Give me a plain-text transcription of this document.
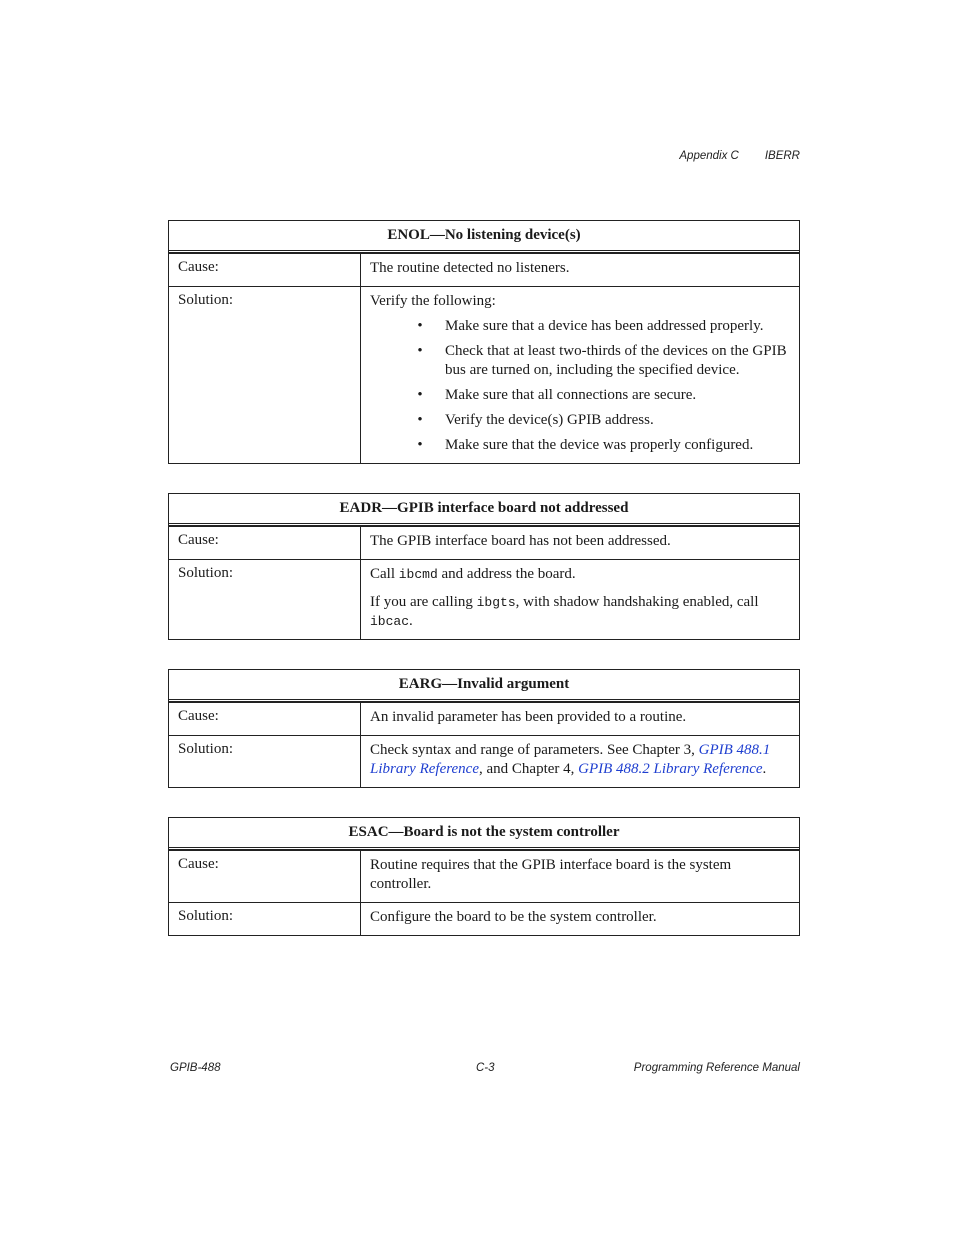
Appendix C IBERR
ENOL—No listening device(s)
Cause:	The routine detected no listeners.
Solution:	Verify the following:

•	Make sure that a device has been addressed properly.
•	Check that at least two-thirds of the devices on the GPIB bus are turned on, including the specified device.
•	Make sure that all connections are secure.
•	Verify the device(s) GPIB address.
•	Make sure that the device was properly configured.
EADR—GPIB interface board not addressed
Cause:	The GPIB interface board has not been addressed.
Solution:	Call ibcmd and address the board.

If you are calling ibgts, with shadow handshaking enabled, call ibcac.

EARG—Invalid argument
Cause:	An invalid parameter has been provided to a routine.
Solution:	Check syntax and range of parameters. See Chapter 3, GPIB 488.1 Library Reference, and Chapter 4, GPIB 488.2 Library Reference.

ESAC—Board is not the system controller
Cause:	Routine requires that the GPIB interface board is the system controller.
Solution:	Configure the board to be the system controller.
GPIB-488	C-3	Programming Reference Manual
